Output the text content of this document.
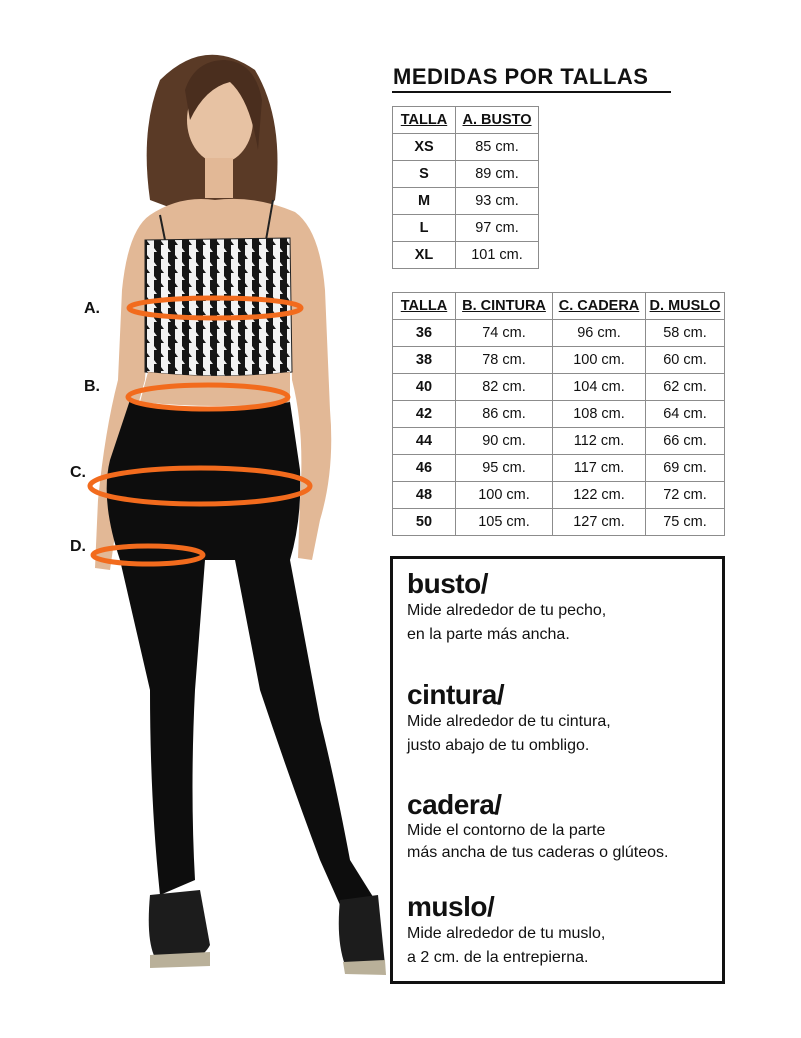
A.
B.
C.
D.
MEDIDAS POR TALLAS
TALLA	A. BUSTO
XS	85 cm.
S	89 cm.
M	93 cm.
L	97 cm.
XL	101 cm.
TALLA	B. CINTURA	C. CADERA	D. MUSLO
36	74 cm.	96 cm.	58 cm.
38	78 cm.	100 cm.	60 cm.
40	82 cm.	104 cm.	62 cm.
42	86 cm.	108 cm.	64 cm.
44	90 cm.	112 cm.	66 cm.
46	95 cm.	117 cm.	69 cm.
48	100 cm.	122 cm.	72 cm.
50	105 cm.	127 cm.	75 cm.
busto/
Mide alrededor de tu pecho,
en la parte más ancha.
cintura/
Mide alrededor de tu cintura,
justo abajo de tu ombligo.
cadera/
Mide el contorno de la parte
más ancha de tus caderas o glúteos.
muslo/
Mide alrededor de tu muslo,
a 2 cm. de la entrepierna.
